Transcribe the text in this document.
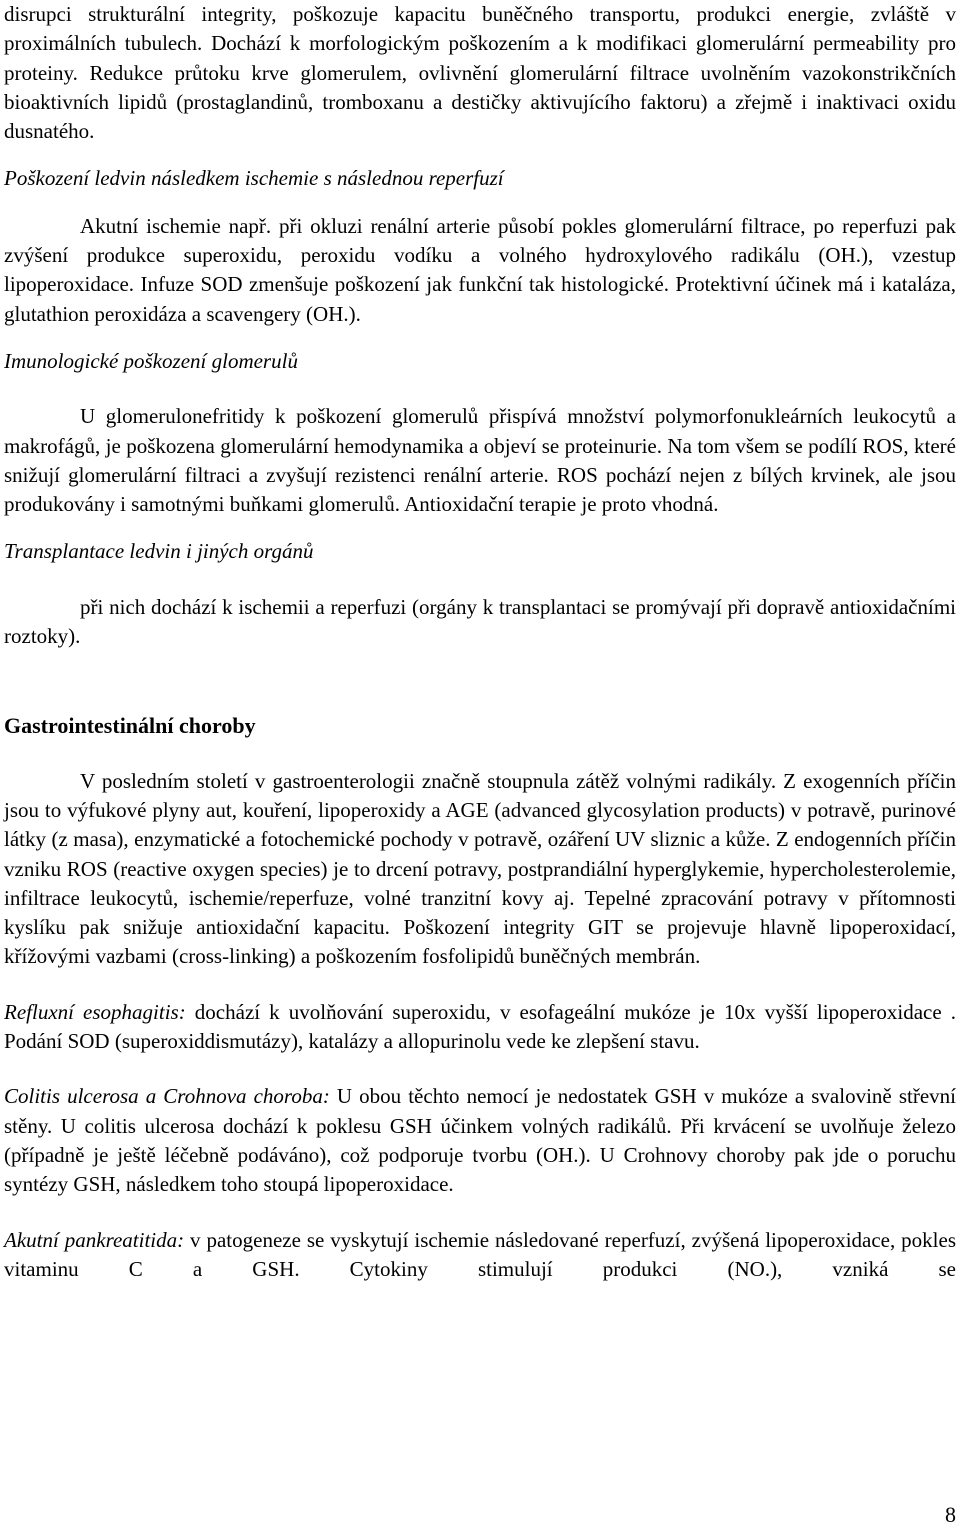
disrupci strukturální integrity, poškozuje kapacitu buněčného transportu, produkci energie, zvláště v proximálních tubulech. Dochází k morfologickým poškozením a k modifikaci glomerulární permeability pro proteiny. Redukce průtoku krve glomerulem, ovlivnění glomerulární filtrace uvolněním vazokonstrikčních bioaktivních lipidů (prostaglandinů, tromboxanu a destičky aktivujícího faktoru) a zřejmě i inaktivaci oxidu dusnatého.

Poškození ledvin následkem ischemie s následnou reperfuzí

Akutní ischemie např. při okluzi renální arterie působí pokles glomerulární filtrace, po reperfuzi pak zvýšení produkce superoxidu, peroxidu vodíku a volného hydroxylového radikálu (OH.), vzestup lipoperoxidace. Infuze SOD zmenšuje poškození jak funkční tak histologické. Protektivní účinek má i kataláza, glutathion peroxidáza a scavengery (OH.).

Imunologické poškození glomerulů

U glomerulonefritidy k poškození glomerulů přispívá množství polymorfonukleárních leukocytů a makrofágů, je poškozena glomerulární hemodynamika a objeví se proteinurie. Na tom všem se podílí ROS, které snižují glomerulární filtraci a zvyšují rezistenci renální arterie. ROS pochází nejen z bílých krvinek, ale jsou produkovány i samotnými buňkami glomerulů. Antioxidační terapie je proto vhodná.

Transplantace ledvin i jiných orgánů

při nich dochází k ischemii a reperfuzi (orgány k transplantaci se promývají při dopravě antioxidačními roztoky).

Gastrointestinální choroby

V posledním století v gastroenterologii značně stoupnula zátěž volnými radikály. Z exogenních příčin jsou to výfukové plyny aut, kouření, lipoperoxidy a AGE (advanced glycosylation products) v potravě, purinové látky (z masa), enzymatické a fotochemické pochody v potravě, ozáření UV sliznic a kůže. Z endogenních příčin vzniku ROS (reactive oxygen species) je to drcení potravy, postprandiální hyperglykemie, hypercholesterolemie, infiltrace leukocytů, ischemie/reperfuze, volné tranzitní kovy aj. Tepelné zpracování potravy v přítomnosti kyslíku pak snižuje antioxidační kapacitu. Poškození integrity GIT se projevuje hlavně lipoperoxidací, křížovými vazbami (cross-linking) a poškozením fosfolipidů buněčných membrán.

Refluxní esophagitis: dochází k uvolňování superoxidu, v esofageální mukóze je 10x vyšší lipoperoxidace . Podání SOD (superoxiddismutázy), katalázy a allopurinolu vede ke zlepšení stavu.

Colitis ulcerosa a Crohnova choroba: U obou těchto nemocí je nedostatek GSH v mukóze a svalovině střevní stěny. U colitis ulcerosa dochází k poklesu GSH účinkem volných radikálů. Při krvácení se uvolňuje železo (případně je ještě léčebně podáváno), což podporuje tvorbu (OH.). U Crohnovy choroby pak jde o poruchu syntézy GSH, následkem toho stoupá lipoperoxidace.

Akutní pankreatitida: v patogeneze se vyskytují ischemie následované reperfuzí, zvýšená lipoperoxidace, pokles vitaminu C a GSH. Cytokiny stimulují produkci (NO.), vzniká se

8
